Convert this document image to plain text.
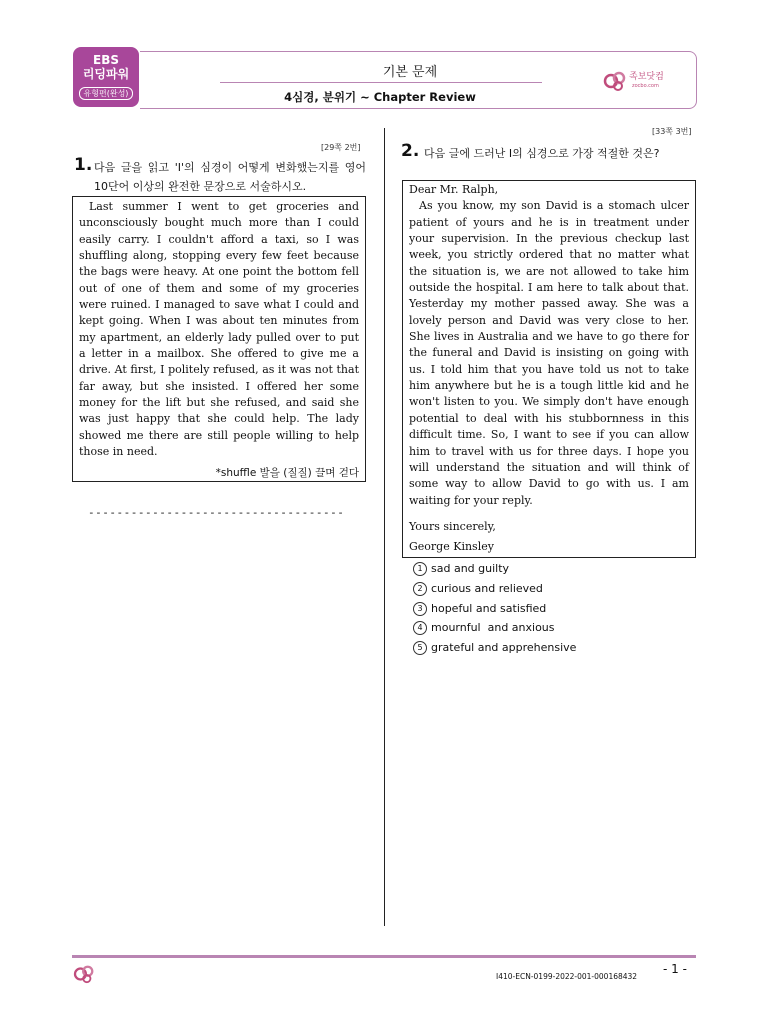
EBS
리딩파워
유형편(완성)
기본 문제
4심경, 분위기 ~ Chapter Review
족보닷컴
zocbo.com
[29쪽 2번]
1. 다음 글을 읽고 'I'의 심경이 어떻게 변화했는지를 영어 10단어 이상의 완전한 문장으로 서술하시오.

Last summer I went to get groceries and unconsciously bought much more than I could easily carry. I couldn't afford a taxi, so I was shuffling along, stopping every few feet because the bags were heavy. At one point the bottom fell out of one of them and some of my groceries were ruined. I managed to save what I could and kept going. When I was about ten minutes from my apartment, an elderly lady pulled over to put a letter in a mailbox. She offered to give me a drive. At first, I politely refused, as it was not that far away, but she insisted. I offered her some money for the lift but she refused, and said she was just happy that she could help. The lady showed me there are still people willing to help those in need.

*shuffle 발을 (질질) 끌며 걷다
------------------------------------
[33쪽 3번]
2. 다음 글에 드러난 I의 심경으로 가장 적절한 것은?

Dear Mr. Ralph,

As you know, my son David is a stomach ulcer patient of yours and he is in treatment under your supervision. In the previous checkup last week, you strictly ordered that no matter what the situation is, we are not allowed to take him outside the hospital. I am here to talk about that. Yesterday my mother passed away. She was a lovely person and David was very close to her. She lives in Australia and we have to go there for the funeral and David is insisting on going with us. I told him that you have told us not to take him anywhere but he is a tough little kid and he won't listen to you. We simply don't have enough potential to deal with his stubbornness in this difficult time. So, I want to see if you can allow him to travel with us for three days. I hope you will understand the situation and will think of some way to allow David to go with us. I am waiting for your reply.

Yours sincerely,

George Kinsley

1 sad and guilty
2 curious and relieved
3 hopeful and satisfied
4 mournful  and anxious
5 grateful and apprehensive
I410-ECN-0199-2022-001-000168432
- 1 -
